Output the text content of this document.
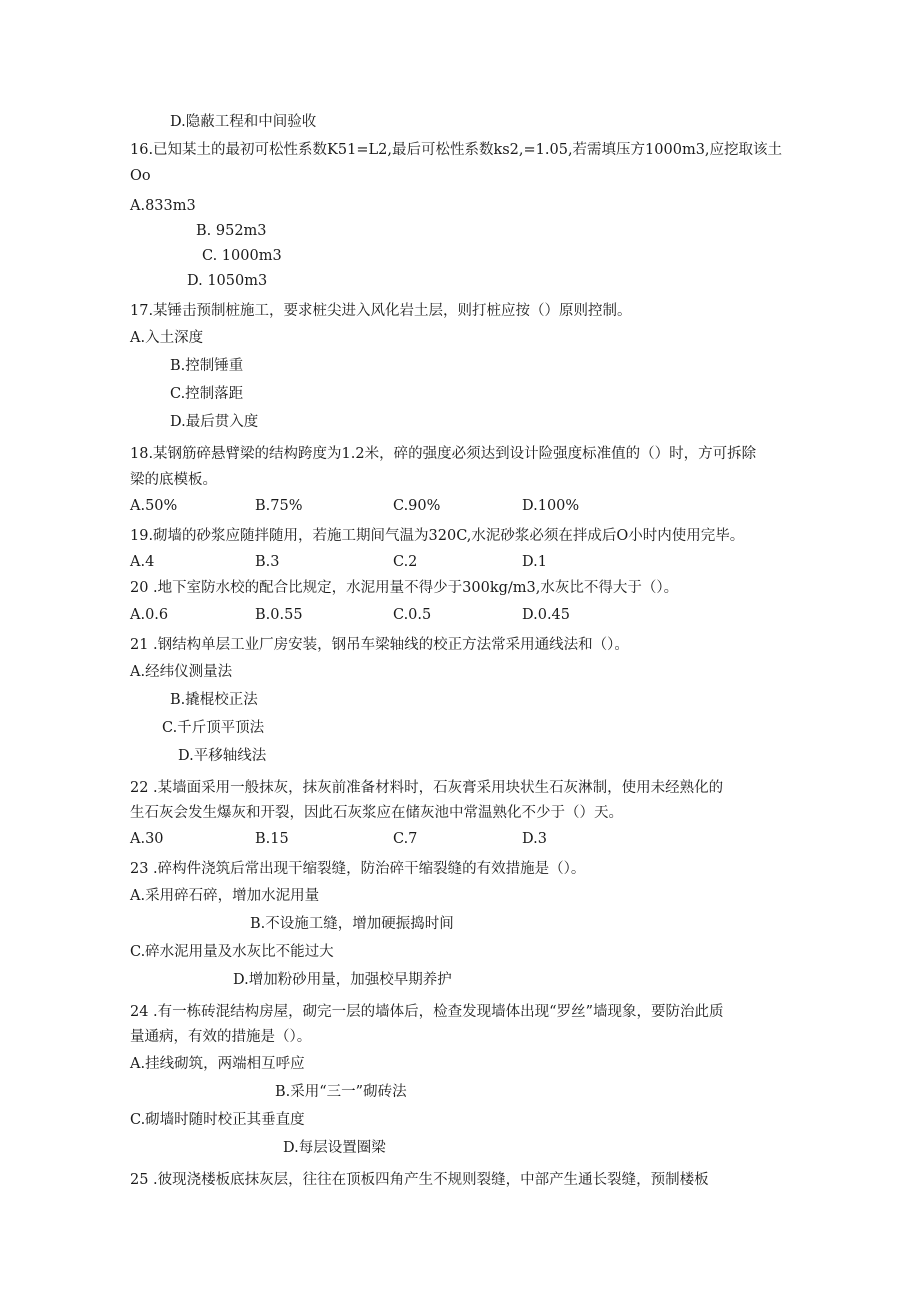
D.隐蔽工程和中间验收
16.已知某土的最初可松性系数K51=L2,最后可松性系数ks2,=1.05,若需填压方1000m3,应挖取该土
Oo
A.833m3
B. 952m3
C. 1000m3
D. 1050m3
17.某锤击预制桩施工，要求桩尖进入风化岩土层，则打桩应按（）原则控制。
A.入土深度
B.控制锤重
C.控制落距
D.最后贯入度
18.某钢筋碎悬臂梁的结构跨度为1.2米，碎的强度必须达到设计险强度标准值的（）时，方可拆除
梁的底模板。
A.50%	B.75%	C.90%	D.100%
19.砌墙的砂浆应随拌随用，若施工期间气温为320C,水泥砂浆必须在拌成后O小时内使用完毕。
A.4	B.3	C.2	D.1
20 .地下室防水校的配合比规定，水泥用量不得少于300kg∕m3,水灰比不得大于（）。
A.0.6	B.0.55	C.0.5	D.0.45
21 .钢结构单层工业厂房安装，钢吊车梁轴线的校正方法常采用通线法和（）。
A.经纬仪测量法
B.撬棍校正法
C.千斤顶平顶法
D.平移轴线法
22 .某墙面采用一般抹灰，抹灰前准备材料时，石灰膏采用块状生石灰淋制，使用未经熟化的
生石灰会发生爆灰和开裂，因此石灰浆应在储灰池中常温熟化不少于（）天。
A.30	B.15	C.7	D.3
23 .碎构件浇筑后常出现干缩裂缝，防治碎干缩裂缝的有效措施是（）。
A.采用碎石碎，增加水泥用量
B.不设施工缝，增加硬振捣时间
C.碎水泥用量及水灰比不能过大
D.增加粉砂用量，加强校早期养护
24 .有一栋砖混结构房屋，砌完一层的墙体后，检查发现墙体出现“罗丝”墙现象，要防治此质
量通病，有效的措施是（）。
A.挂线砌筑，两端相互呼应
B.采用“三一”砌砖法
C.砌墙时随时校正其垂直度
D.每层设置圈梁
25 .彼现浇楼板底抹灰层，往往在顶板四角产生不规则裂缝，中部产生通长裂缝，预制楼板
